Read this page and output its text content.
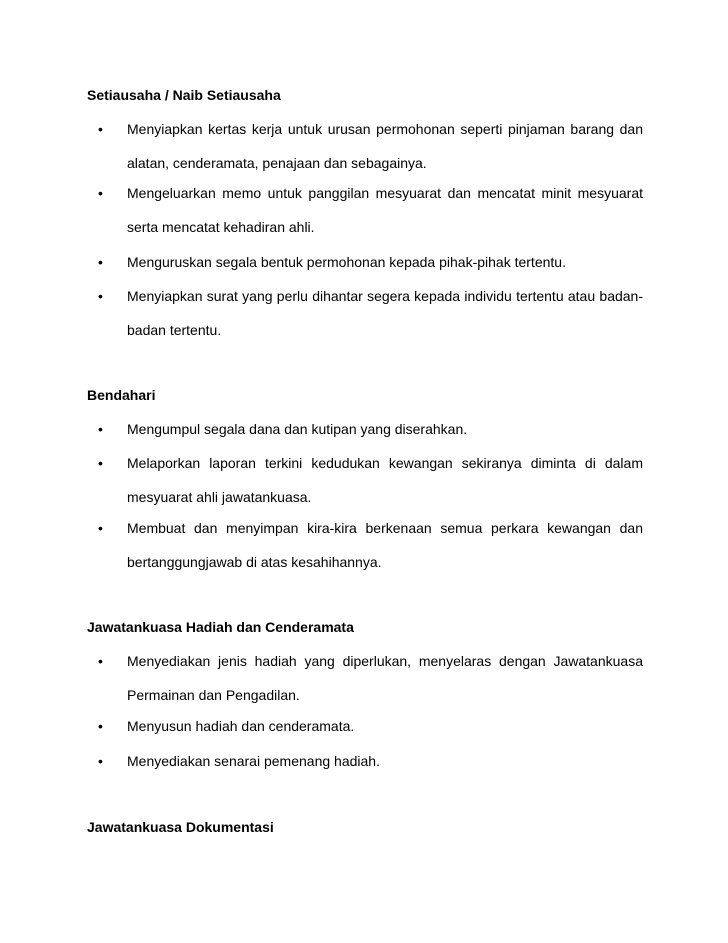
Setiausaha / Naib Setiausaha
•	Menyiapkan kertas kerja untuk urusan permohonan seperti pinjaman barang dan alatan, cenderamata, penajaan dan sebagainya.

•	Mengeluarkan memo untuk panggilan mesyuarat dan mencatat minit mesyuarat serta mencatat kehadiran ahli.

•	Menguruskan segala bentuk permohonan kepada pihak-pihak tertentu.

•	Menyiapkan surat yang perlu dihantar segera kepada individu tertentu atau badan-badan tertentu.

Bendahari
•	Mengumpul segala dana dan kutipan yang diserahkan.

•	Melaporkan laporan terkini kedudukan kewangan sekiranya diminta di dalam mesyuarat ahli jawatankuasa.

•	Membuat dan menyimpan kira-kira berkenaan semua perkara kewangan dan bertanggungjawab di atas kesahihannya.

Jawatankuasa Hadiah dan Cenderamata
•	Menyediakan jenis hadiah yang diperlukan, menyelaras dengan Jawatankuasa Permainan dan Pengadilan.

•	Menyusun hadiah dan cenderamata.

•	Menyediakan senarai pemenang hadiah.

Jawatankuasa Dokumentasi
